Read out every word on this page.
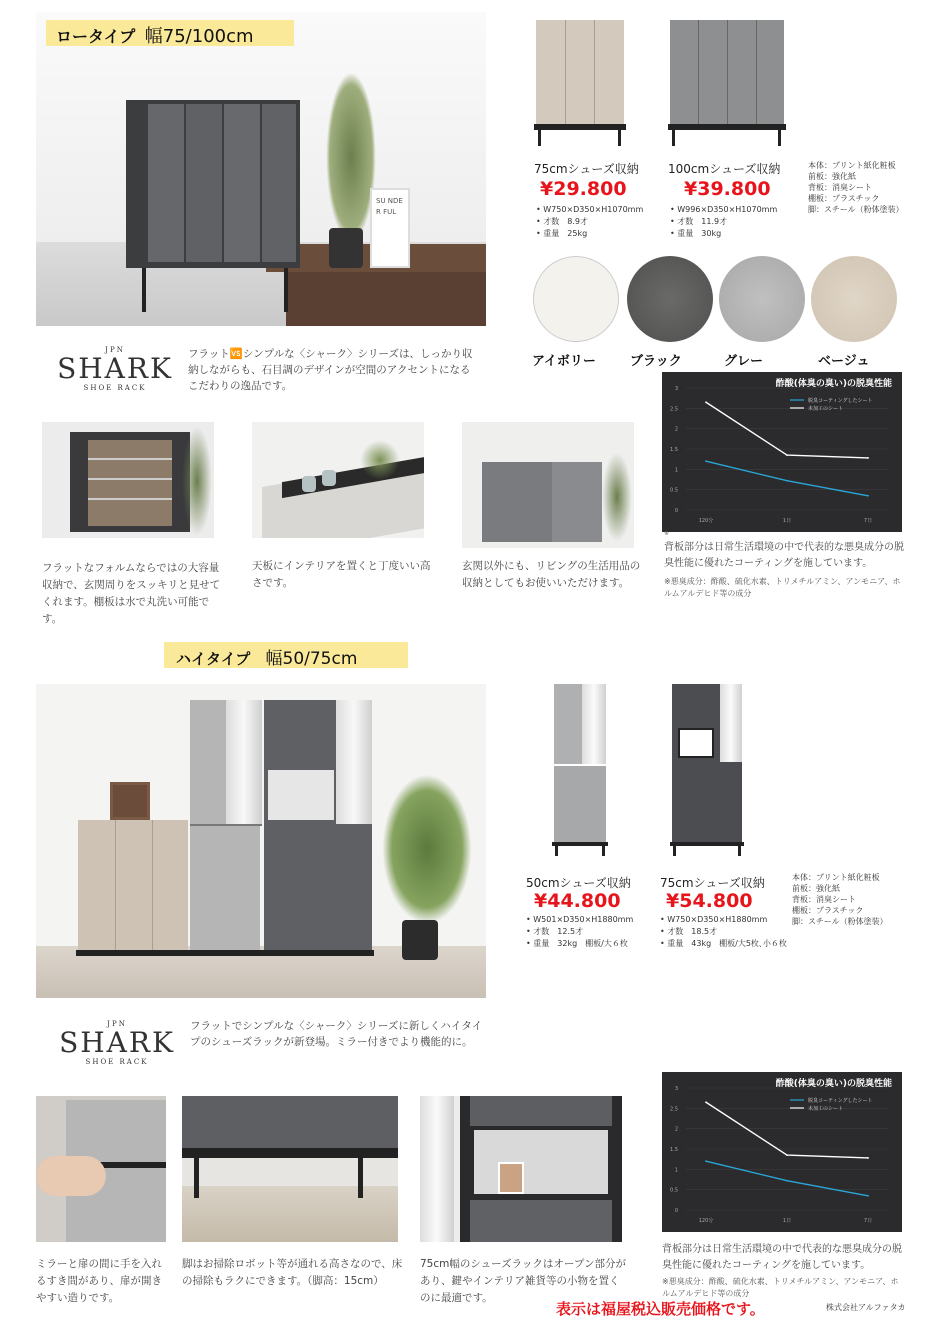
SU NDER FUL
ロータイプ 幅75/100cm
75cmシューズ収納
¥29.800
• W750×D350×H1070mm
• 才数　8.9才
• 重量　25kg
100cmシューズ収納
¥39.800
• W996×D350×H1070mm
• 才数　11.9才
• 重量　30kg
本体：プリント紙化粧板
前板：強化紙
背板：消臭シート
棚板：プラスチック
脚：スチール（粉体塗装）
アイボリー	ブラック	グレー	ベージュ
JPN
SHARK
SHOE RACK
フラット🆚シンプルな〈シャーク〉シリーズは、しっかり収納しながらも、石目調のデザインが空間のアクセントになるこだわりの逸品です。
フラットなフォルムならではの大容量収納で、玄関周りをスッキリと見せてくれます。棚板は水で丸洗い可能です。
天板にインテリアを置くと丁度いい高さです。
玄関以外にも、リビングの生活用品の収納としてもお使いいただけます。
酢酸(体臭の臭い)の脱臭性能
0
0.5
1
1.5
2
2.5
3
120分	1日	7日
脱臭コーティングしたシート
未加工のシート
※
背板部分は日常生活環境の中で代表的な悪臭成分の脱臭性能に優れたコーティングを施しています。
※悪臭成分：酢酸、硫化水素、トリメチルアミン、アンモニア、ホルムアルデヒド等の成分
ハイタイプ 幅50/75cm
50cmシューズ収納
¥44.800
• W501×D350×H1880mm
• 才数　12.5才
• 重量　32kg　棚板/大６枚
75cmシューズ収納
¥54.800
• W750×D350×H1880mm
• 才数　18.5才
• 重量　43kg　棚板/大5枚､小６枚
本体：プリント紙化粧板
前板：強化紙
背板：消臭シート
棚板：プラスチック
脚：スチール（粉体塗装）
JPN
SHARK
SHOE RACK
フラットでシンプルな〈シャーク〉シリーズに新しくハイタイプのシューズラックが新登場。ミラー付きでより機能的に。
ミラーと扉の間に手を入れるすき間があり、扉が開きやすい造りです。
脚はお掃除ロボット等が通れる高さなので、床の掃除もラクにできます。（脚高：15cm）
75cm幅のシューズラックはオープン部分があり、鍵やインテリア雑貨等の小物を置くのに最適です。
酢酸(体臭の臭い)の脱臭性能
0
0.5
1
1.5
2
2.5
3
120分	1日	7日
脱臭コーティングしたシート
未加工のシート
背板部分は日常生活環境の中で代表的な悪臭成分の脱臭性能に優れたコーティングを施しています。
※悪臭成分：酢酸、硫化水素、トリメチルアミン、アンモニア、ホルムアルデヒド等の成分
表示は福屋税込販売価格です。	株式会社アルファタカ
